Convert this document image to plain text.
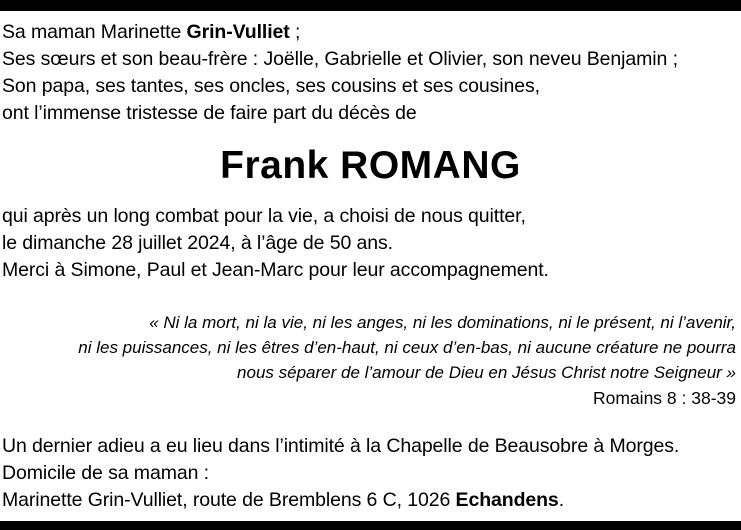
Sa maman Marinette Grin-Vulliet ;
Ses sœurs et son beau-frère : Joëlle, Gabrielle et Olivier, son neveu Benjamin ;
Son papa, ses tantes, ses oncles, ses cousins et ses cousines,
ont l’immense tristesse de faire part du décès de
Frank ROMANG
qui après un long combat pour la vie, a choisi de nous quitter,
le dimanche 28 juillet 2024, à l’âge de 50 ans.
Merci à Simone, Paul et Jean-Marc pour leur accompagnement.
« Ni la mort, ni la vie, ni les anges, ni les dominations, ni le présent, ni l’avenir,
ni les puissances, ni les êtres d’en-haut, ni ceux d’en-bas, ni aucune créature ne pourra
nous séparer de l’amour de Dieu en Jésus Christ notre Seigneur »
Romains 8 : 38-39
Un dernier adieu a eu lieu dans l’intimité à la Chapelle de Beausobre à Morges.
Domicile de sa maman :
Marinette Grin-Vulliet, route de Bremblens 6 C, 1026 Echandens.
